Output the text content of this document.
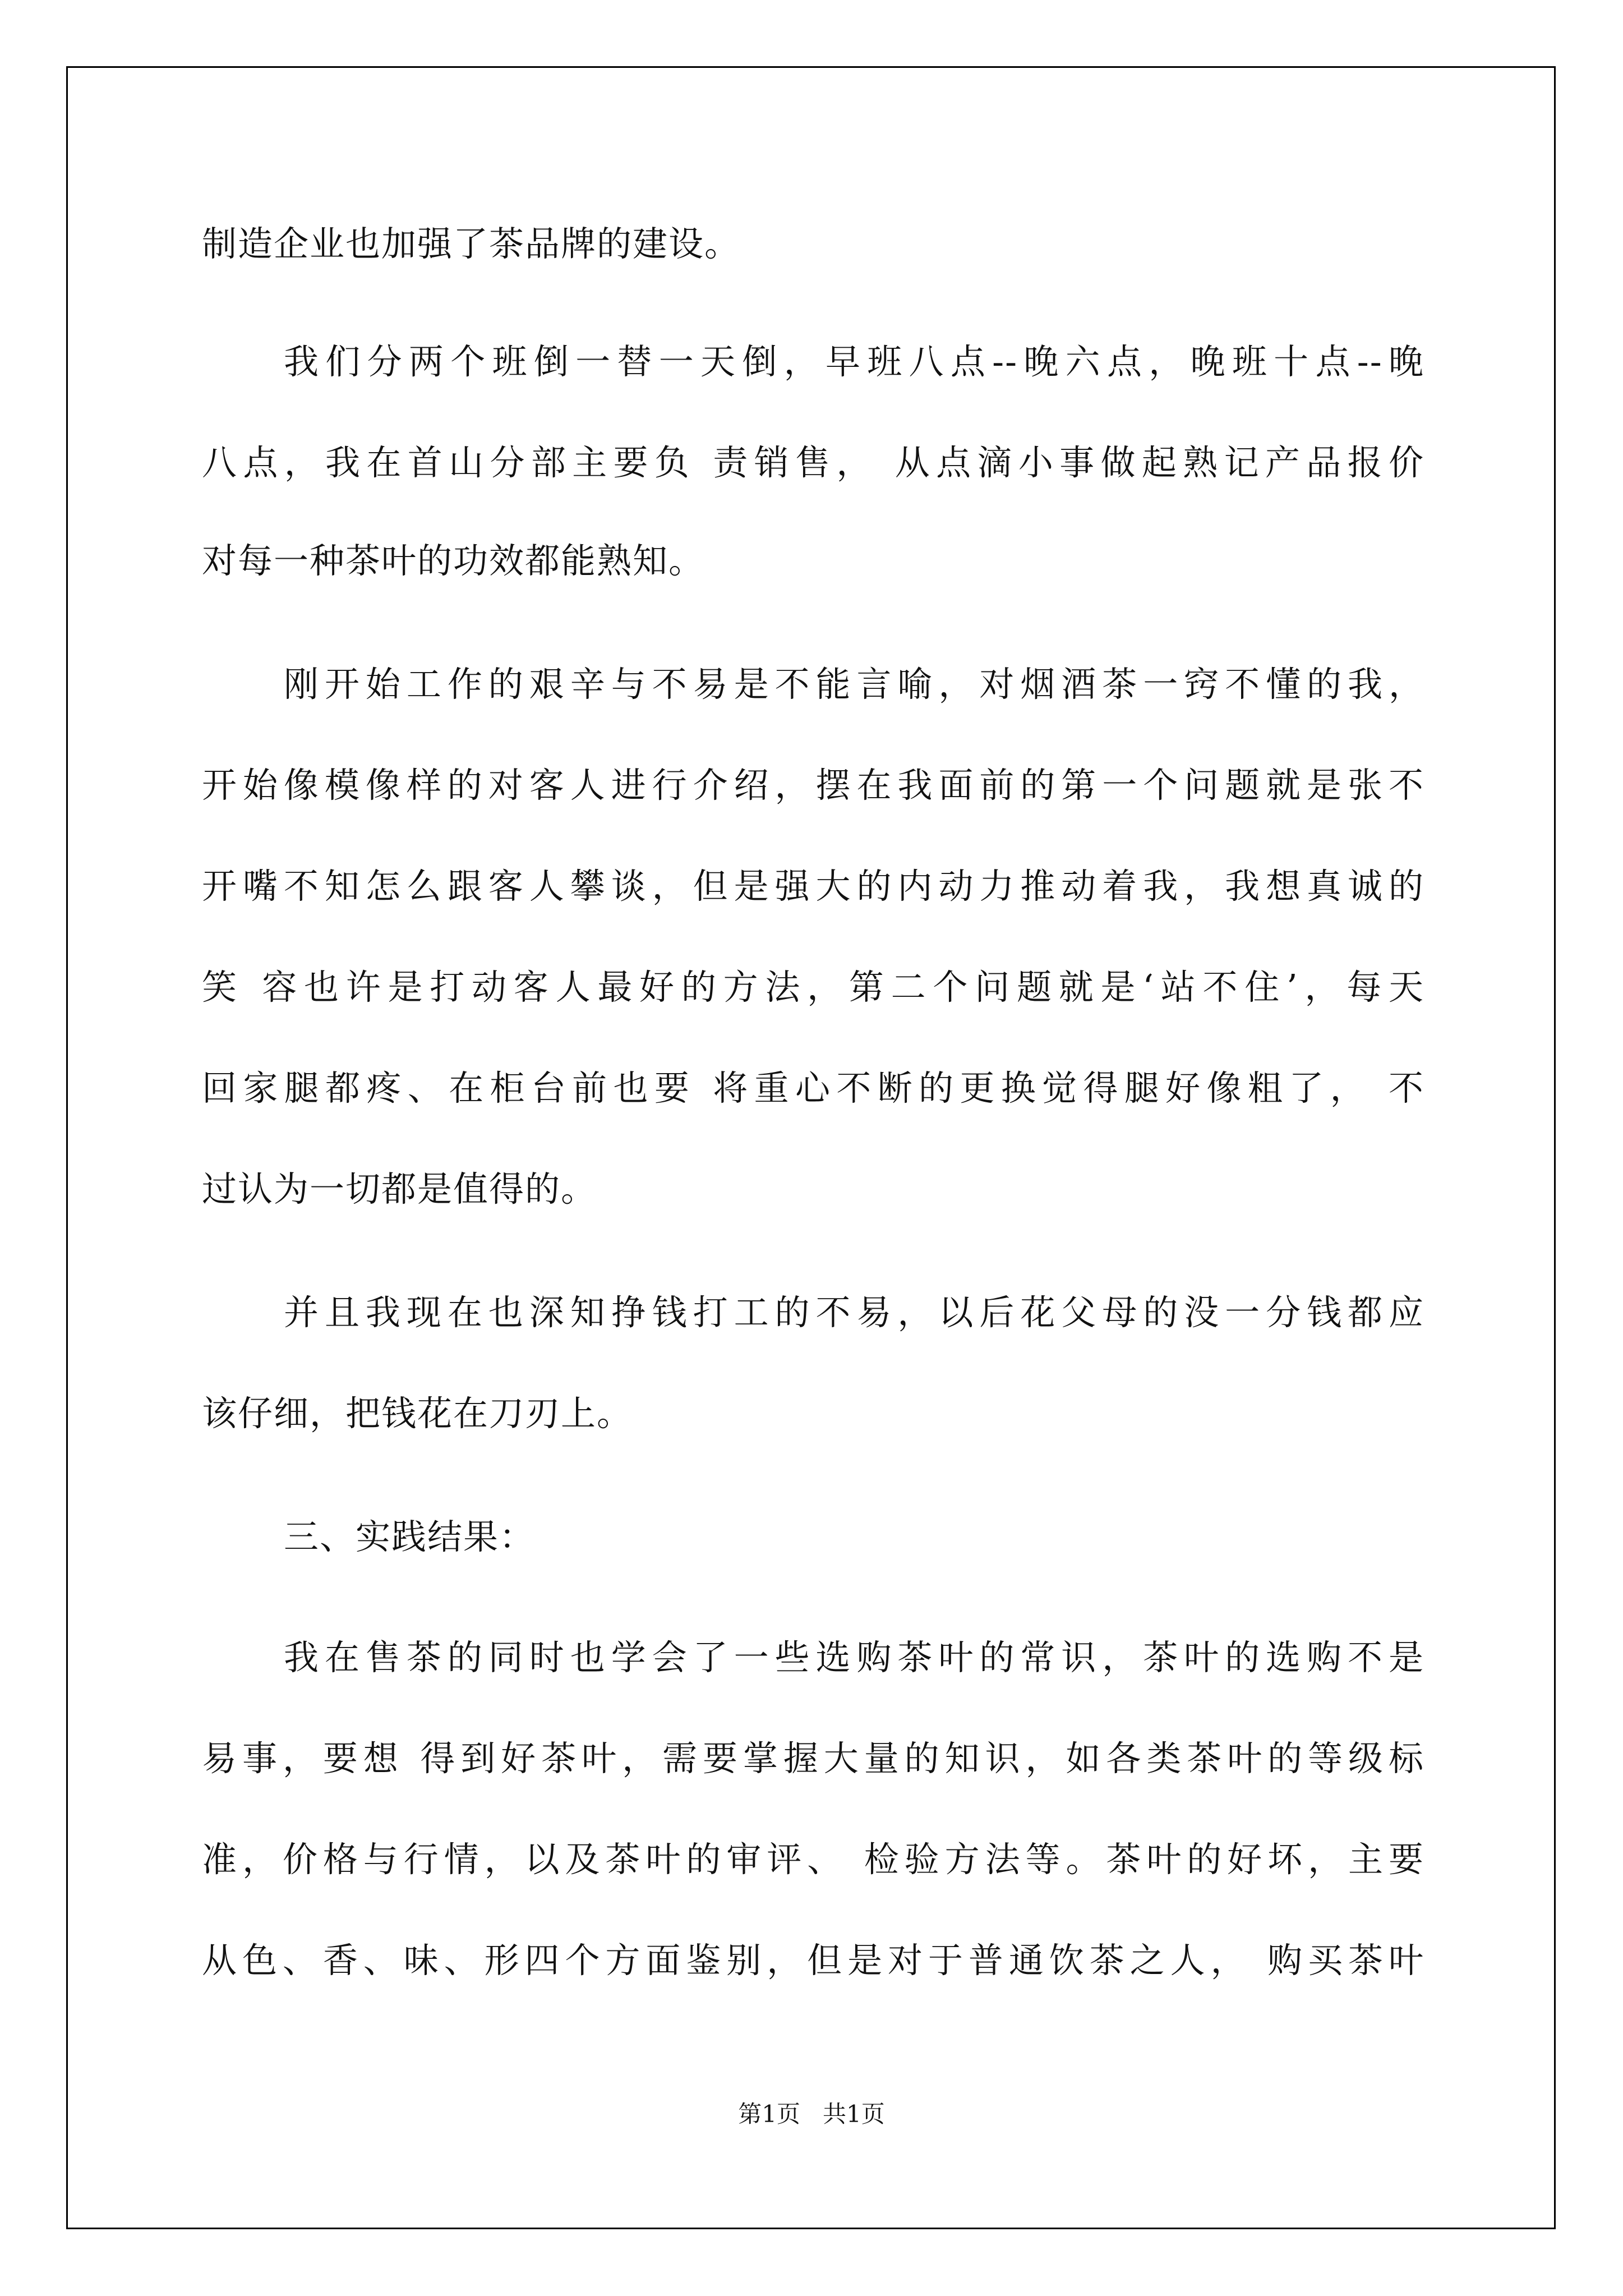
制造企业也加强了茶品牌的建设。
我们分两个班倒一替一天倒，早班八点--晚六点，晚班十点--晚
八点，我在首山分部主要负 责销售， 从点滴小事做起熟记产品报价
对每一种茶叶的功效都能熟知。
刚开始工作的艰辛与不易是不能言喻，对烟酒茶一窍不懂的我，
开始像模像样的对客人进行介绍，摆在我面前的第一个问题就是张不
开嘴不知怎么跟客人攀谈，但是强大的内动力推动着我，我想真诚的
笑 容也许是打动客人最好的方法，第二个问题就是‘站不住’，每天
回家腿都疼、在柜台前也要 将重心不断的更换觉得腿好像粗了， 不
过认为一切都是值得的。
并且我现在也深知挣钱打工的不易，以后花父母的没一分钱都应
该仔细，把钱花在刀刃上。
三、实践结果：
我在售茶的同时也学会了一些选购茶叶的常识，茶叶的选购不是
易事，要想 得到好茶叶，需要掌握大量的知识，如各类茶叶的等级标
准，价格与行情，以及茶叶的审评、 检验方法等。茶叶的好坏，主要
从色、香、味、形四个方面鉴别，但是对于普通饮茶之人， 购买茶叶
第1页   共1页
